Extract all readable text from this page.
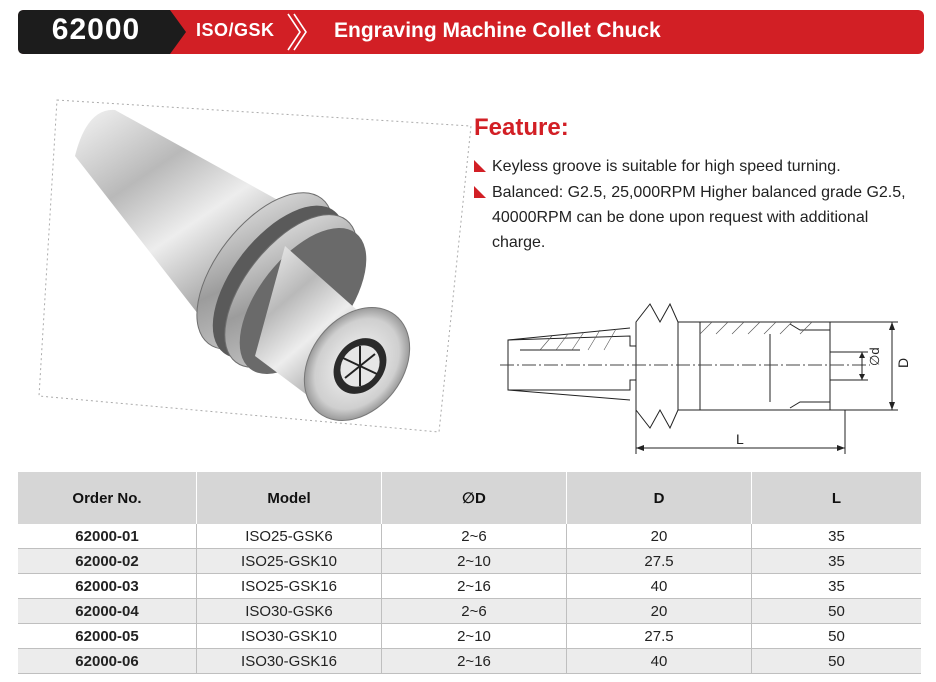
62000	ISO/GSK	Engraving Machine Collet Chuck
Feature:
Keyless groove is suitable for high speed turning.
Balanced: G2.5, 25,000RPM Higher balanced grade G2.5, 40000RPM can be done upon request with additional charge.
∅d D
L
Order No.	Model	∅D	D	L
62000-01	ISO25-GSK6	2~6	20	35
62000-02	ISO25-GSK10	2~10	27.5	35
62000-03	ISO25-GSK16	2~16	40	35
62000-04	ISO30-GSK6	2~6	20	50
62000-05	ISO30-GSK10	2~10	27.5	50
62000-06	ISO30-GSK16	2~16	40	50
